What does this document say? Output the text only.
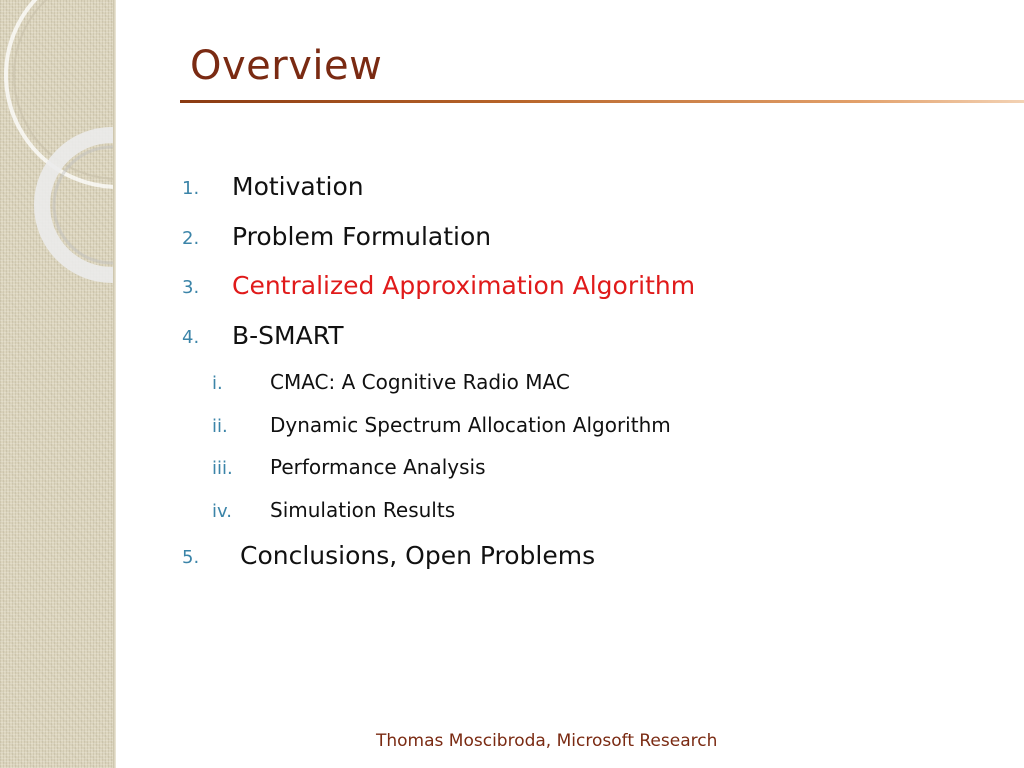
Overview
1. Motivation
2. Problem Formulation
3. Centralized Approximation Algorithm
4. B-SMART
i. CMAC: A Cognitive Radio MAC
ii. Dynamic Spectrum Allocation Algorithm
iii. Performance Analysis
iv. Simulation Results
5. Conclusions, Open Problems
Thomas Moscibroda, Microsoft Research
